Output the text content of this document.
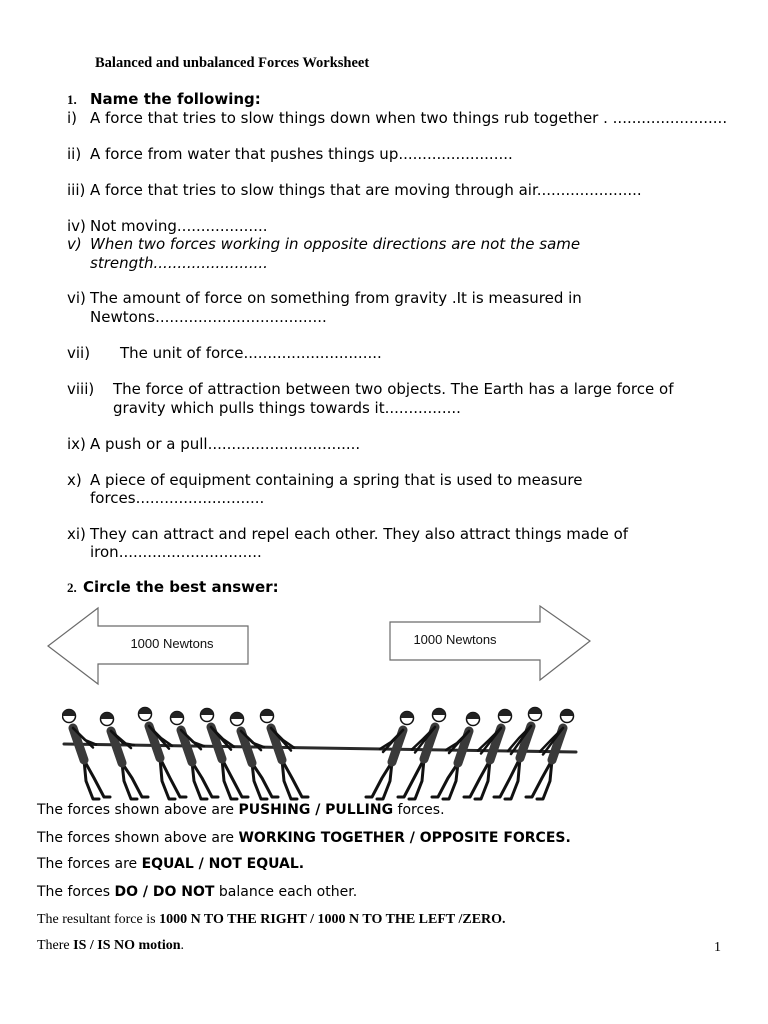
Balanced and unbalanced Forces Worksheet
1. Name the following:
i) A force that tries to slow things down when two things rub together . ........................
ii) A force from water that pushes things up........................
iii) A force that tries to slow things that are moving through air......................
iv) Not moving...................
v) When two forces working in opposite directions are not the same
strength........................
vi) The amount of force on something from gravity .It is measured in
Newtons....................................
vii) The unit of force.............................
viii) The force of attraction between two objects. The Earth has a large force of
gravity which pulls things towards it................
ix) A push or a pull................................
x) A piece of equipment containing a spring that is used to measure
forces...........................
xi) They can attract and repel each other. They also attract things made of
iron..............................
2. Circle the best answer:
1000 Newtons	1000 Newtons
The forces shown above are PUSHING / PULLING forces.
The forces shown above are WORKING TOGETHER / OPPOSITE FORCES.
The forces are EQUAL / NOT EQUAL.
The forces DO / DO NOT balance each other.
The resultant force is 1000 N TO THE RIGHT / 1000 N TO THE LEFT /ZERO.
There IS / IS NO motion.	1
